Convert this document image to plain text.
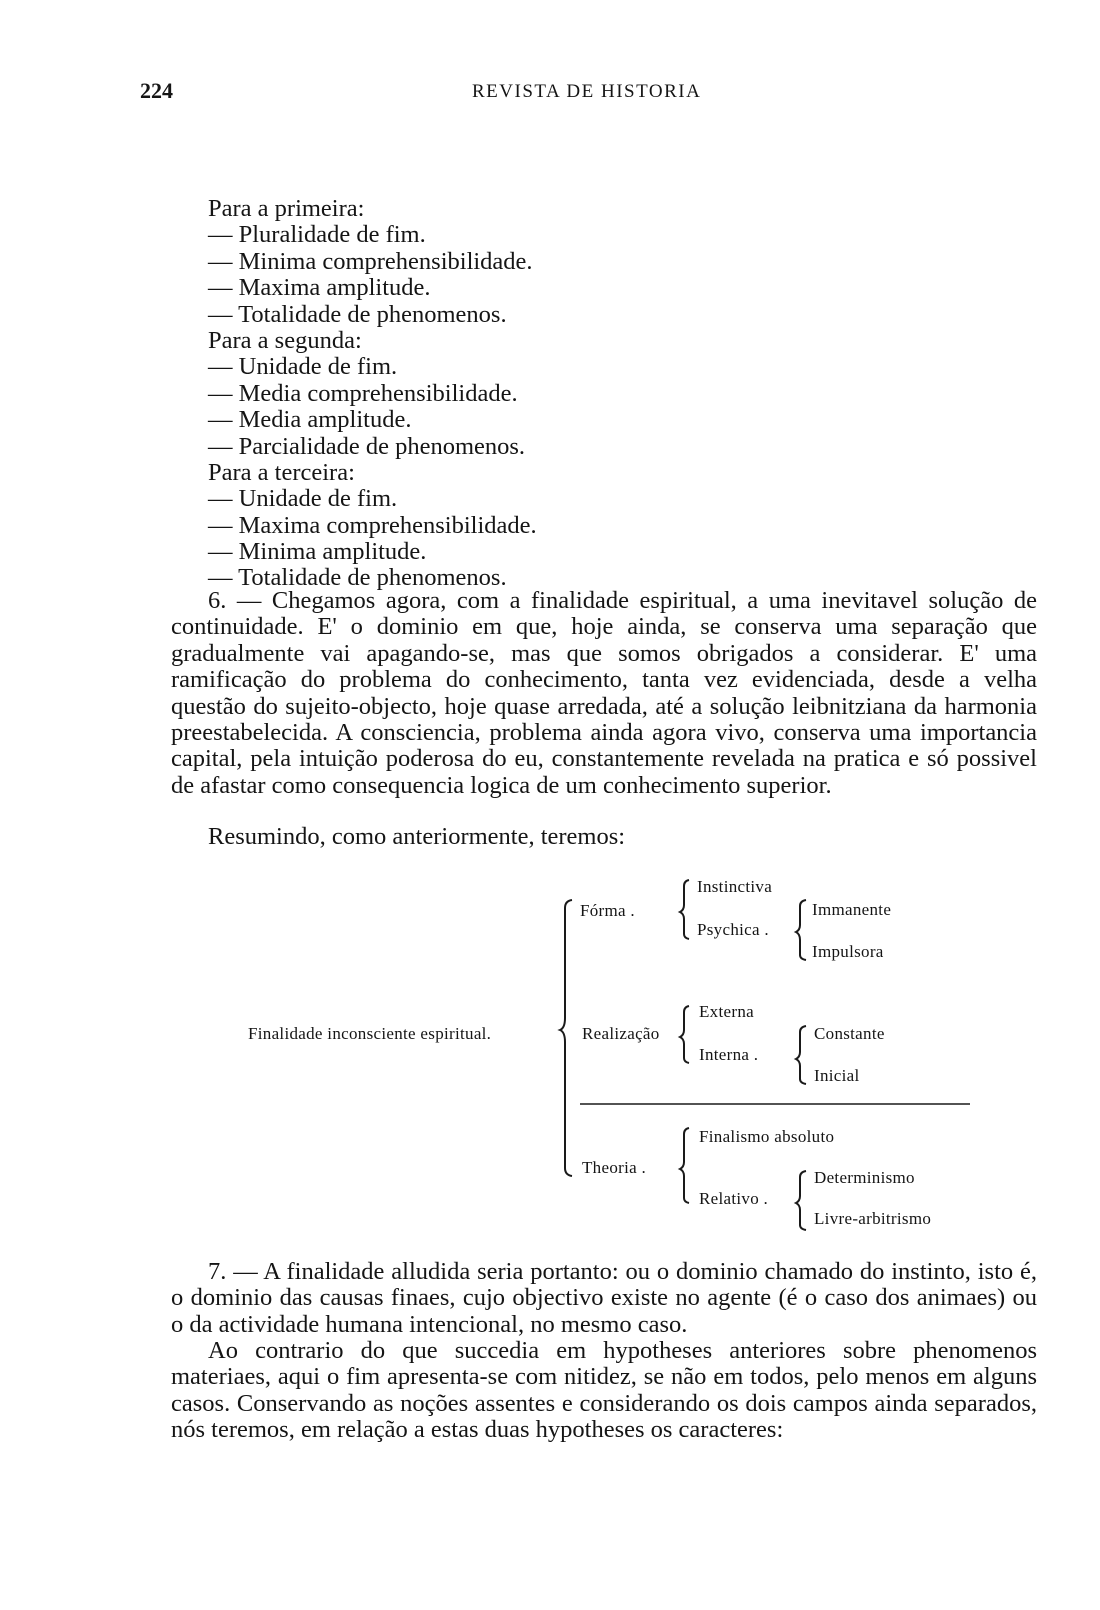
224	REVISTA DE HISTORIA
Para a primeira:
— Pluralidade de fim.
— Minima comprehensibilidade.
— Maxima amplitude.
— Totalidade de phenomenos.
Para a segunda:
— Unidade de fim.
— Media comprehensibilidade.
— Media amplitude.
— Parcialidade de phenomenos.
Para a terceira:
— Unidade de fim.
— Maxima comprehensibilidade.
— Minima amplitude.
— Totalidade de phenomenos.
6. — Chegamos agora, com a finalidade espiritual, a uma inevitavel solução de continuidade. E' o dominio em que, hoje ainda, se conserva uma separação que gradualmente vai apagando-se, mas que somos obrigados a considerar. E' uma ramificação do problema do conhecimento, tanta vez evidenciada, desde a velha questão do sujeito-objecto, hoje quase arredada, até a solução leibnitziana da harmonia preestabelecida. A consciencia, problema ainda agora vivo, conserva uma importancia capital, pela intuição poderosa do eu, constantemente revelada na pratica e só possivel de afastar como consequencia logica de um conhecimento superior.
Resumindo, como anteriormente, teremos:
Finalidade inconsciente espiritual.
Fórma .
Instinctiva
Psychica .
Immanente
Impulsora
Realização
Externa
Interna .
Constante
Inicial
Theoria .
Finalismo absoluto
Relativo .
Determinismo
Livre-arbitrismo
7. — A finalidade alludida seria portanto: ou o dominio chamado do instinto, isto é, o dominio das causas finaes, cujo objectivo existe no agente (é o caso dos animaes) ou o da actividade humana intencional, no mesmo caso.
Ao contrario do que succedia em hypotheses anteriores sobre phenomenos materiaes, aqui o fim apresenta-se com nitidez, se não em todos, pelo menos em alguns casos. Conservando as noções assentes e considerando os dois campos ainda separados, nós teremos, em relação a estas duas hypotheses os caracteres:
